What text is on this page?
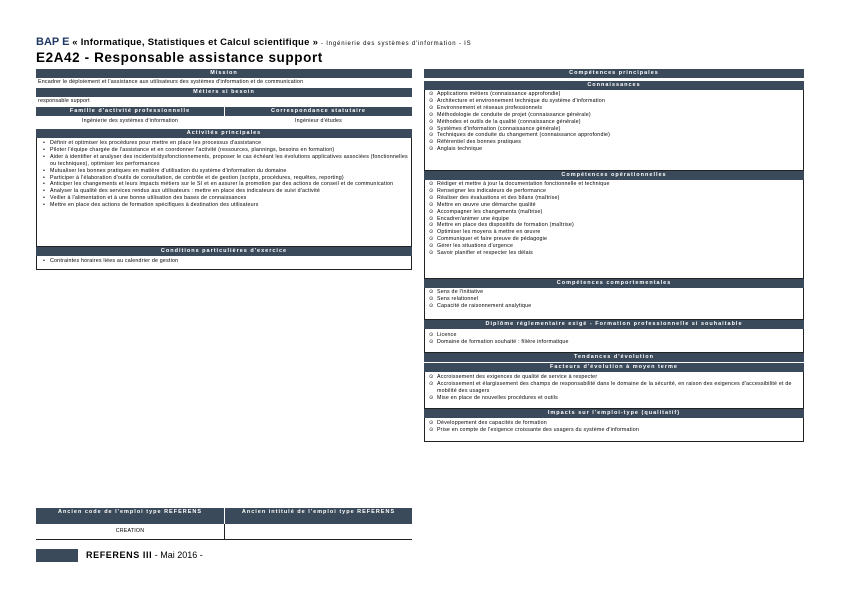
BAP E « Informatique, Statistiques et Calcul scientifique » - Ingénierie des systèmes d'information - IS
E2A42 - Responsable assistance support
Mission
Encadrer le déploiement et l'assistance aux utilisateurs des systèmes d'information et de communication
Métiers si besoin
responsable support
Famille d'activité professionnelle
Ingénierie des systèmes d'information
Correspondance statutaire
Ingénieur d'études
Activités principales
• Définir et optimiser les procédures pour mettre en place les processus d'assistance
• Piloter l'équipe chargée de l'assistance et en coordonner l'activité (ressources, plannings, besoins en formation)
• Aider à identifier et analyser des incidents/dysfonctionnements, proposer le cas échéant les évolutions applicatives associées (fonctionnelles ou techniques), optimiser les performances
• Mutualiser les bonnes pratiques en matière d'utilisation du système d'information du domaine
• Participer à l'élaboration d'outils de consultation, de contrôle et de gestion (scripts, procédures, requêtes, reporting)
• Anticiper les changements et leurs impacts métiers sur le SI et en assurer la promotion par des actions de conseil et de communication
• Analyser la qualité des services rendus aux utilisateurs : mettre en place des indicateurs de suivi d'activité
• Veiller à l'alimentation et à une bonne utilisation des bases de connaissances
• Mettre en place des actions de formation spécifiques à destination des utilisateurs
Conditions particulières d'exercice
• Contraintes horaires liées au calendrier de gestion
Compétences principales
Connaissances
⊙ Applications métiers (connaissance approfondie)
⊙ Architecture et environnement technique du système d'information
⊙ Environnement et réseaux professionnels
⊙ Méthodologie de conduite de projet (connaissance générale)
⊙ Méthodes et outils de la qualité (connaissance générale)
⊙ Systèmes d'information (connaissance générale)
⊙ Techniques de conduite du changement (connaissance approfondie)
⊙ Référentiel des bonnes pratiques
⊙ Anglais technique
Compétences opérationnelles
⊙ Rédiger et mettre à jour la documentation fonctionnelle et technique
⊙ Renseigner les indicateurs de performance
⊙ Réaliser des évaluations et des bilans (maîtrise)
⊙ Mettre en œuvre une démarche qualité
⊙ Accompagner les changements (maîtrise)
⊙ Encadrer/animer une équipe
⊙ Mettre en place des dispositifs de formation (maîtrise)
⊙ Optimiser les moyens à mettre en œuvre
⊙ Communiquer et faire preuve de pédagogie
⊙ Gérer les situations d'urgence
⊙ Savoir planifier et respecter les délais
Compétences comportementales
⊙ Sens de l'initiative
⊙ Sens relationnel
⊙ Capacité de raisonnement analytique
Diplôme réglementaire exigé - Formation professionnelle si souhaitable
⊙ Licence
⊙ Domaine de formation souhaité : filière informatique
Tendances d'évolution
Facteurs d'évolution à moyen terme
⊙ Accroissement des exigences de qualité de service à respecter
⊙ Accroissement et élargissement des champs de responsabilité dans le domaine de la sécurité, en raison des exigences d'accessibilité et de mobilité des usagers
⊙ Mise en place de nouvelles procédures et outils
Impacts sur l'emploi-type (qualitatif)
⊙ Développement des capacités de formation
⊙ Prise en compte de l'exigence croissante des usagers du système d'information
Ancien code de l'emploi type REFERENS	Ancien intitulé de l'emploi type REFERENS
CREATION
REFERENS III - Mai 2016 -
